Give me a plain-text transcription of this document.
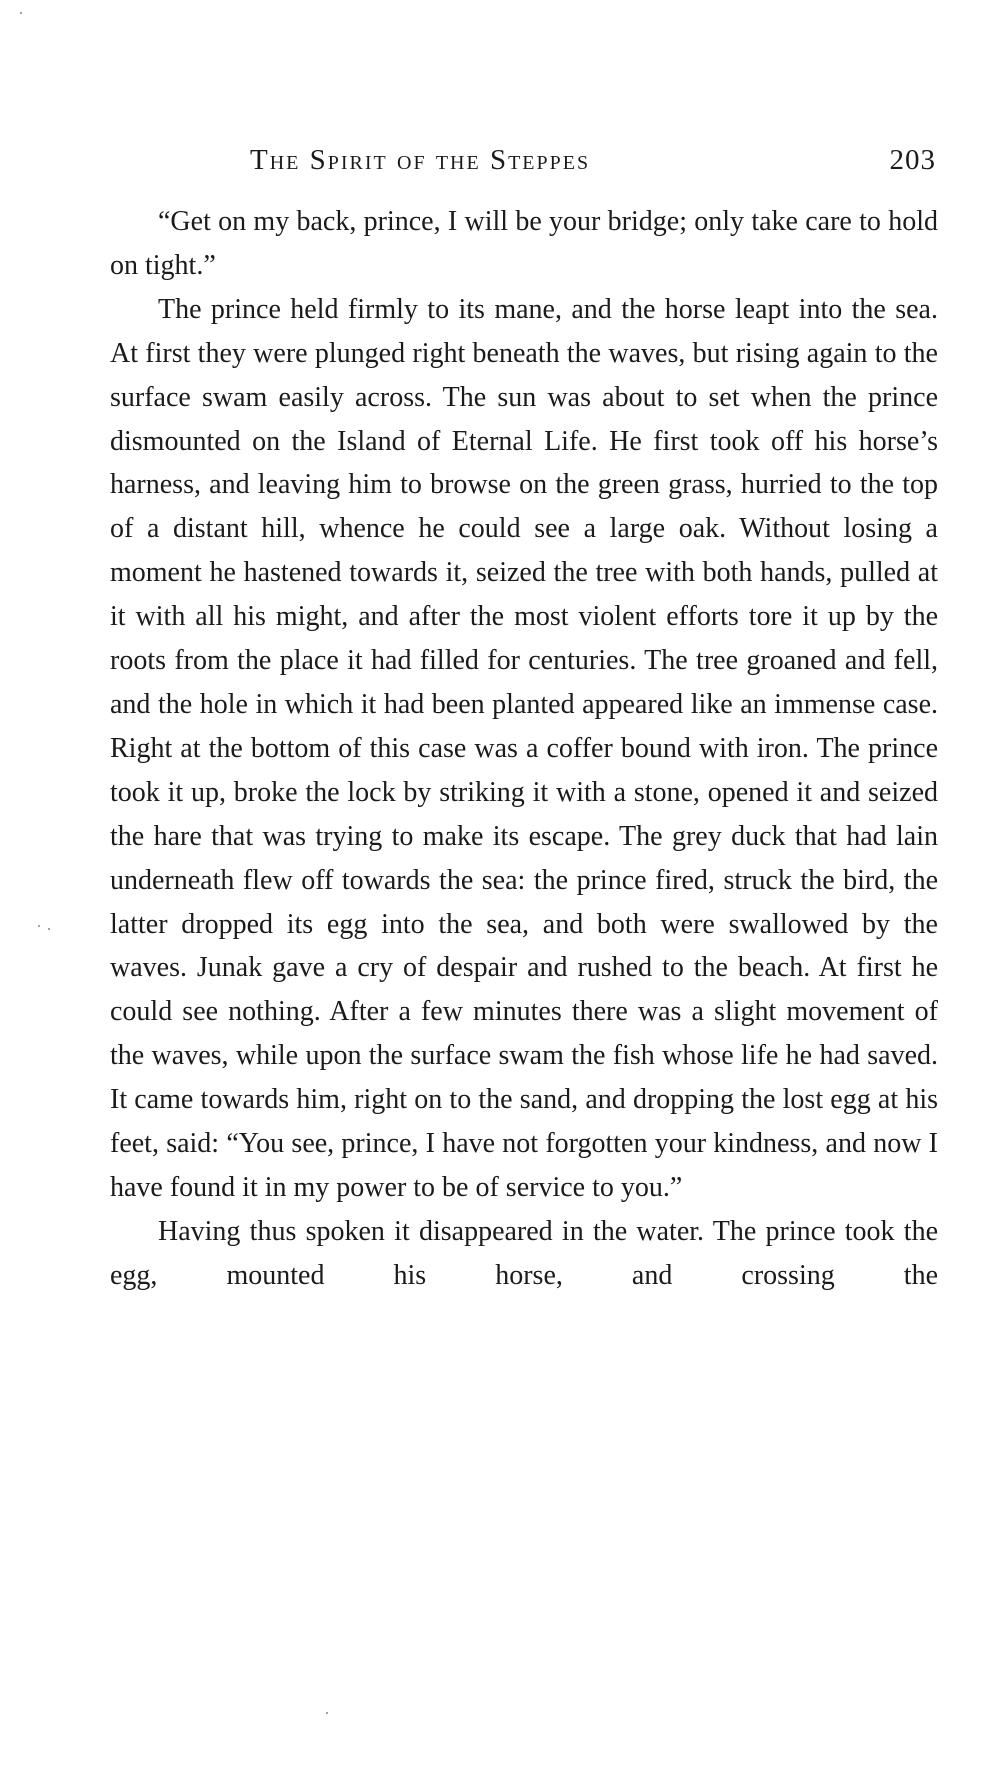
The Spirit of the Steppes	203

“Get on my back, prince, I will be your bridge; only take care to hold on tight.”

The prince held firmly to its mane, and the horse leapt into the sea. At first they were plunged right beneath the waves, but rising again to the surface swam easily across. The sun was about to set when the prince dismounted on the Island of Eternal Life. He first took off his horse’s harness, and leaving him to browse on the green grass, hurried to the top of a distant hill, whence he could see a large oak. Without losing a moment he hastened towards it, seized the tree with both hands, pulled at it with all his might, and after the most violent efforts tore it up by the roots from the place it had filled for centuries. The tree groaned and fell, and the hole in which it had been planted appeared like an immense case. Right at the bottom of this case was a coffer bound with iron. The prince took it up, broke the lock by striking it with a stone, opened it and seized the hare that was trying to make its escape. The grey duck that had lain underneath flew off towards the sea: the prince fired, struck the bird, the latter dropped its egg into the sea, and both were swallowed by the waves. Junak gave a cry of despair and rushed to the beach. At first he could see nothing. After a few minutes there was a slight movement of the waves, while upon the surface swam the fish whose life he had saved. It came towards him, right on to the sand, and dropping the lost egg at his feet, said: “You see, prince, I have not forgotten your kindness, and now I have found it in my power to be of service to you.”

Having thus spoken it disappeared in the water. The prince took the egg, mounted his horse, and crossing the
